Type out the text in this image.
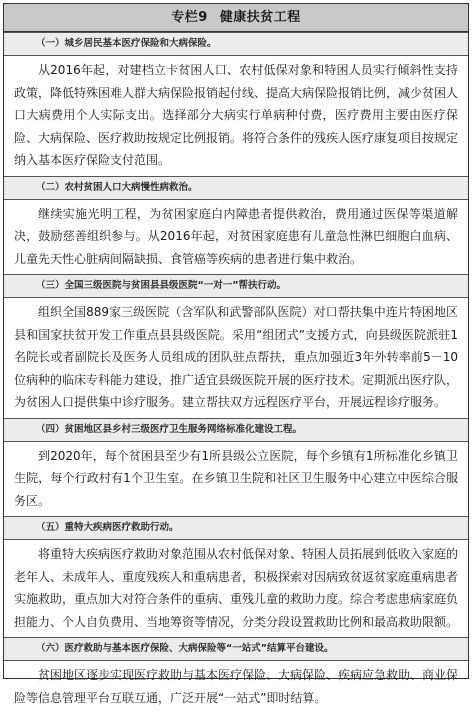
专栏9 健康扶贫工程
（一）城乡居民基本医疗保险和大病保险。
从2016年起，对建档立卡贫困人口、农村低保对象和特困人员实行倾斜性支持政策，降低特殊困难人群大病保险报销起付线、提高大病保险报销比例，减少贫困人口大病费用个人实际支出。选择部分大病实行单病种付费，医疗费用主要由医疗保险、大病保险、医疗救助按规定比例报销。将符合条件的残疾人医疗康复项目按规定纳入基本医疗保险支付范围。
（二）农村贫困人口大病慢性病救治。
继续实施光明工程，为贫困家庭白内障患者提供救治，费用通过医保等渠道解决，鼓励慈善组织参与。从2016年起，对贫困家庭患有儿童急性淋巴细胞白血病、儿童先天性心脏病间隔缺损、食管癌等疾病的患者进行集中救治。
（三）全国三级医院与贫困县县级医院“一对一”帮扶行动。
组织全国889家三级医院（含军队和武警部队医院）对口帮扶集中连片特困地区县和国家扶贫开发工作重点县县级医院。采用“组团式”支援方式，向县级医院派驻1名院长或者副院长及医务人员组成的团队驻点帮扶，重点加强近3年外转率前5－10位病种的临床专科能力建设，推广适宜县级医院开展的医疗技术。定期派出医疗队，为贫困人口提供集中诊疗服务。建立帮扶双方远程医疗平台，开展远程诊疗服务。
（四）贫困地区县乡村三级医疗卫生服务网络标准化建设工程。
到2020年，每个贫困县至少有1所县级公立医院，每个乡镇有1所标准化乡镇卫生院，每个行政村有1个卫生室。在乡镇卫生院和社区卫生服务中心建立中医综合服务区。
（五）重特大疾病医疗救助行动。
将重特大疾病医疗救助对象范围从农村低保对象、特困人员拓展到低收入家庭的老年人、未成年人、重度残疾人和重病患者，积极探索对因病致贫返贫家庭重病患者实施救助，重点加大对符合条件的重病、重残儿童的救助力度。综合考虑患病家庭负担能力、个人自负费用、当地筹资等情况，分类分段设置救助比例和最高救助限额。
（六）医疗救助与基本医疗保险、大病保险等“一站式”结算平台建设。
贫困地区逐步实现医疗救助与基本医疗保险、大病保险、疾病应急救助、商业保险等信息管理平台互联互通，广泛开展“一站式”即时结算。
